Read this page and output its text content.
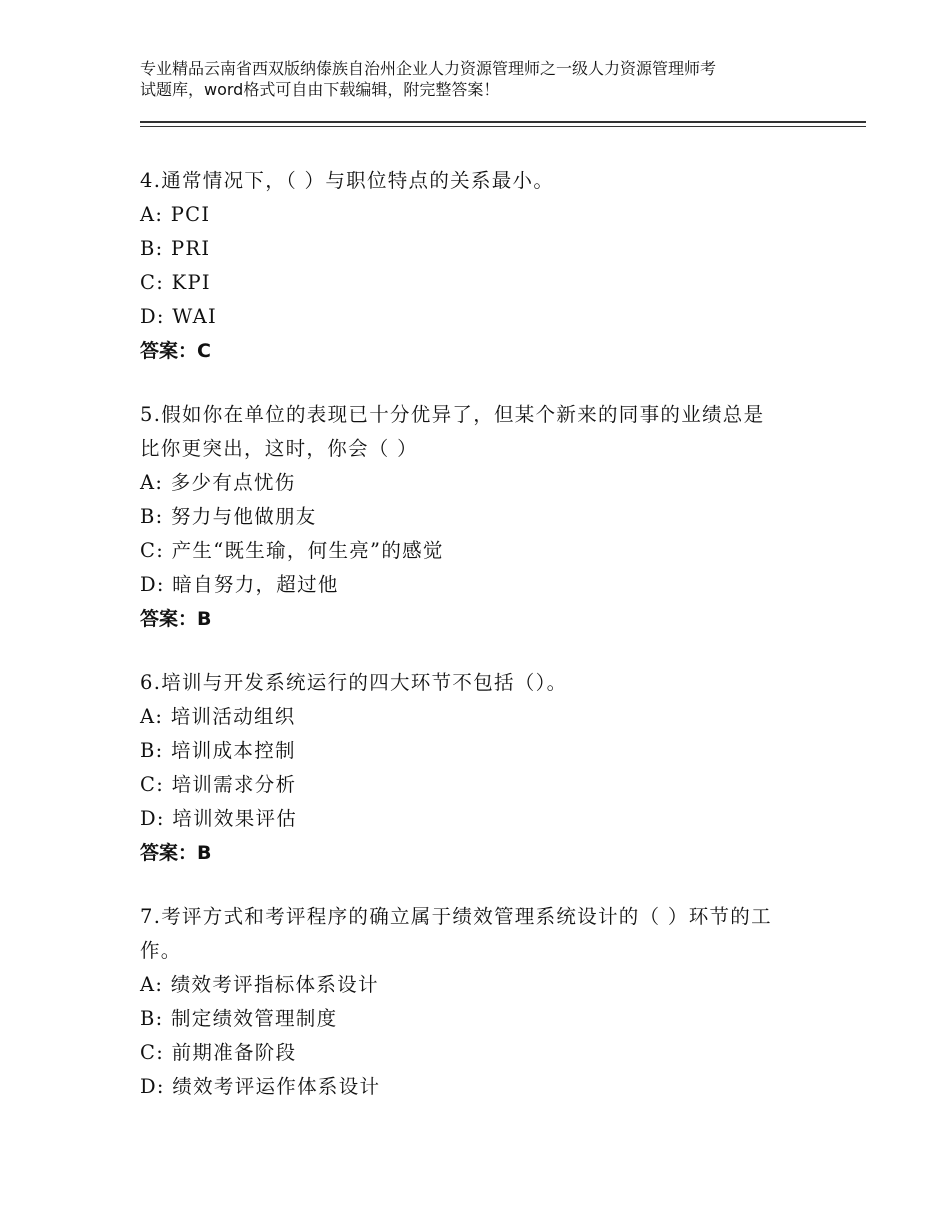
专业精品云南省西双版纳傣族自治州企业人力资源管理师之一级人力资源管理师考
试题库，word格式可自由下载编辑，附完整答案！
4.通常情况下，（ ）与职位特点的关系最小。
A: PCI
B: PRI
C: KPI
D: WAI
答案：C
5.假如你在单位的表现已十分优异了，但某个新来的同事的业绩总是
比你更突出，这时，你会（ ）
A: 多少有点忧伤
B: 努力与他做朋友
C: 产生“既生瑜，何生亮”的感觉
D: 暗自努力，超过他
答案：B
6.培训与开发系统运行的四大环节不包括（）。
A: 培训活动组织
B: 培训成本控制
C: 培训需求分析
D: 培训效果评估
答案：B
7.考评方式和考评程序的确立属于绩效管理系统设计的（ ）环节的工
作。
A: 绩效考评指标体系设计
B: 制定绩效管理制度
C: 前期准备阶段
D: 绩效考评运作体系设计
